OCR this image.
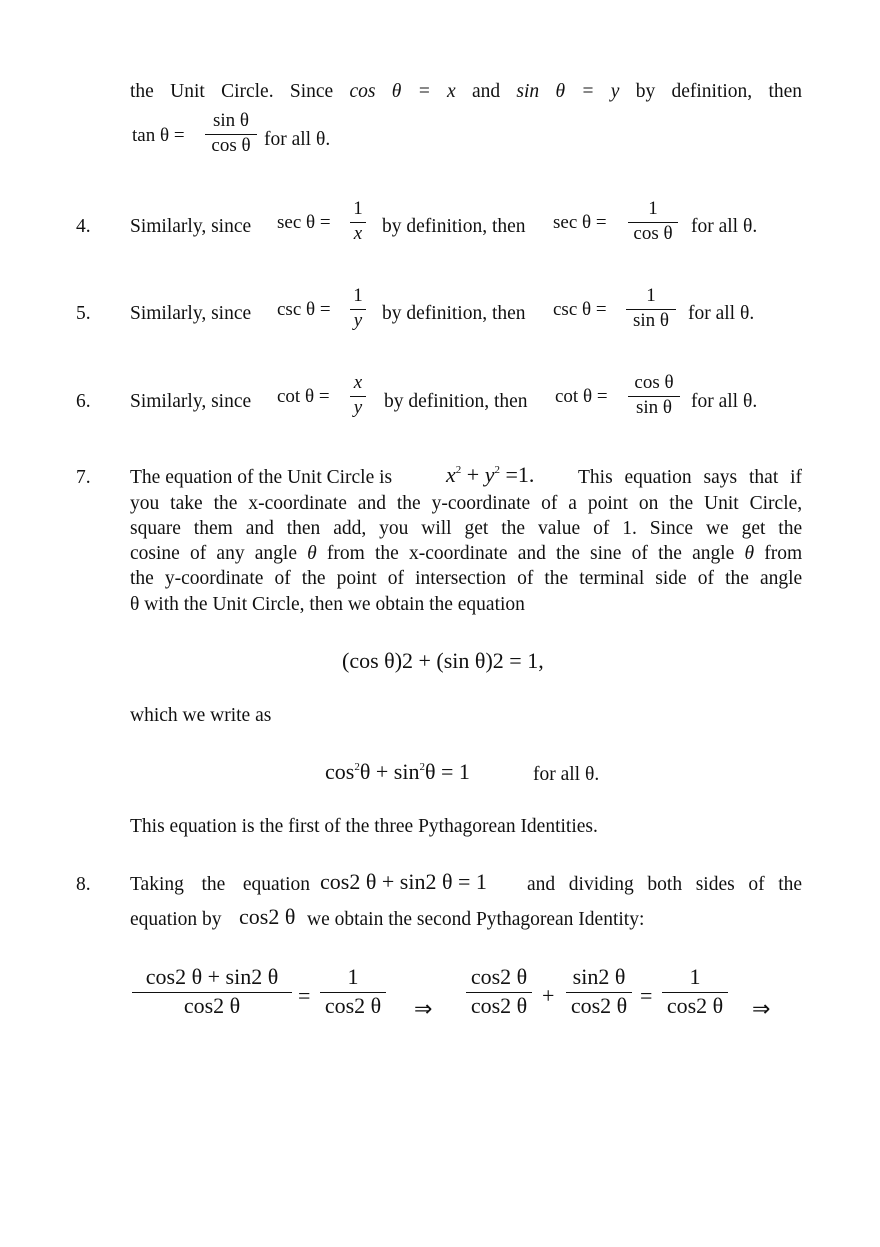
the Unit Circle. Since cos θ = x and sin θ = y by definition, then
tan θ =
sin θ
cos θ for all θ.
4. Similarly, since sec θ =
1
x by definition, then sec θ =
1
cos θ for all θ.
5. Similarly, since csc θ =
1
y by definition, then csc θ =
1
sin θ for all θ.
6. Similarly, since cot θ =
x
y by definition, then cot θ =
cos θ
sin θ for all θ.
7. The equation of the Unit Circle is $x^2 + y^2 =1$. This equation says that if
you take the x-coordinate and the y-coordinate of a point on the Unit Circle,
square them and then add, you will get the value of 1. Since we get the
cosine of any angle θ from the x-coordinate and the sine of the angle θ from
the y-coordinate of the point of intersection of the terminal side of the angle
θ with the Unit Circle, then we obtain the equation
(cos θ)2 + (sin θ)2 = 1,
which we write as
$\cos^2\theta + \sin^2\theta = 1$	for all θ.
This equation is the first of the three Pythagorean Identities.
8. Taking the equation cos2 θ + sin2 θ = 1 and dividing both sides of the
equation by cos2 θ we obtain the second Pythagorean Identity:
cos2 θ + sin2 θ
cos2 θ	=
1
cos2 θ ⇒
cos2 θ
cos2 θ +
sin2 θ
cos2 θ =
1
cos2 θ ⇒
